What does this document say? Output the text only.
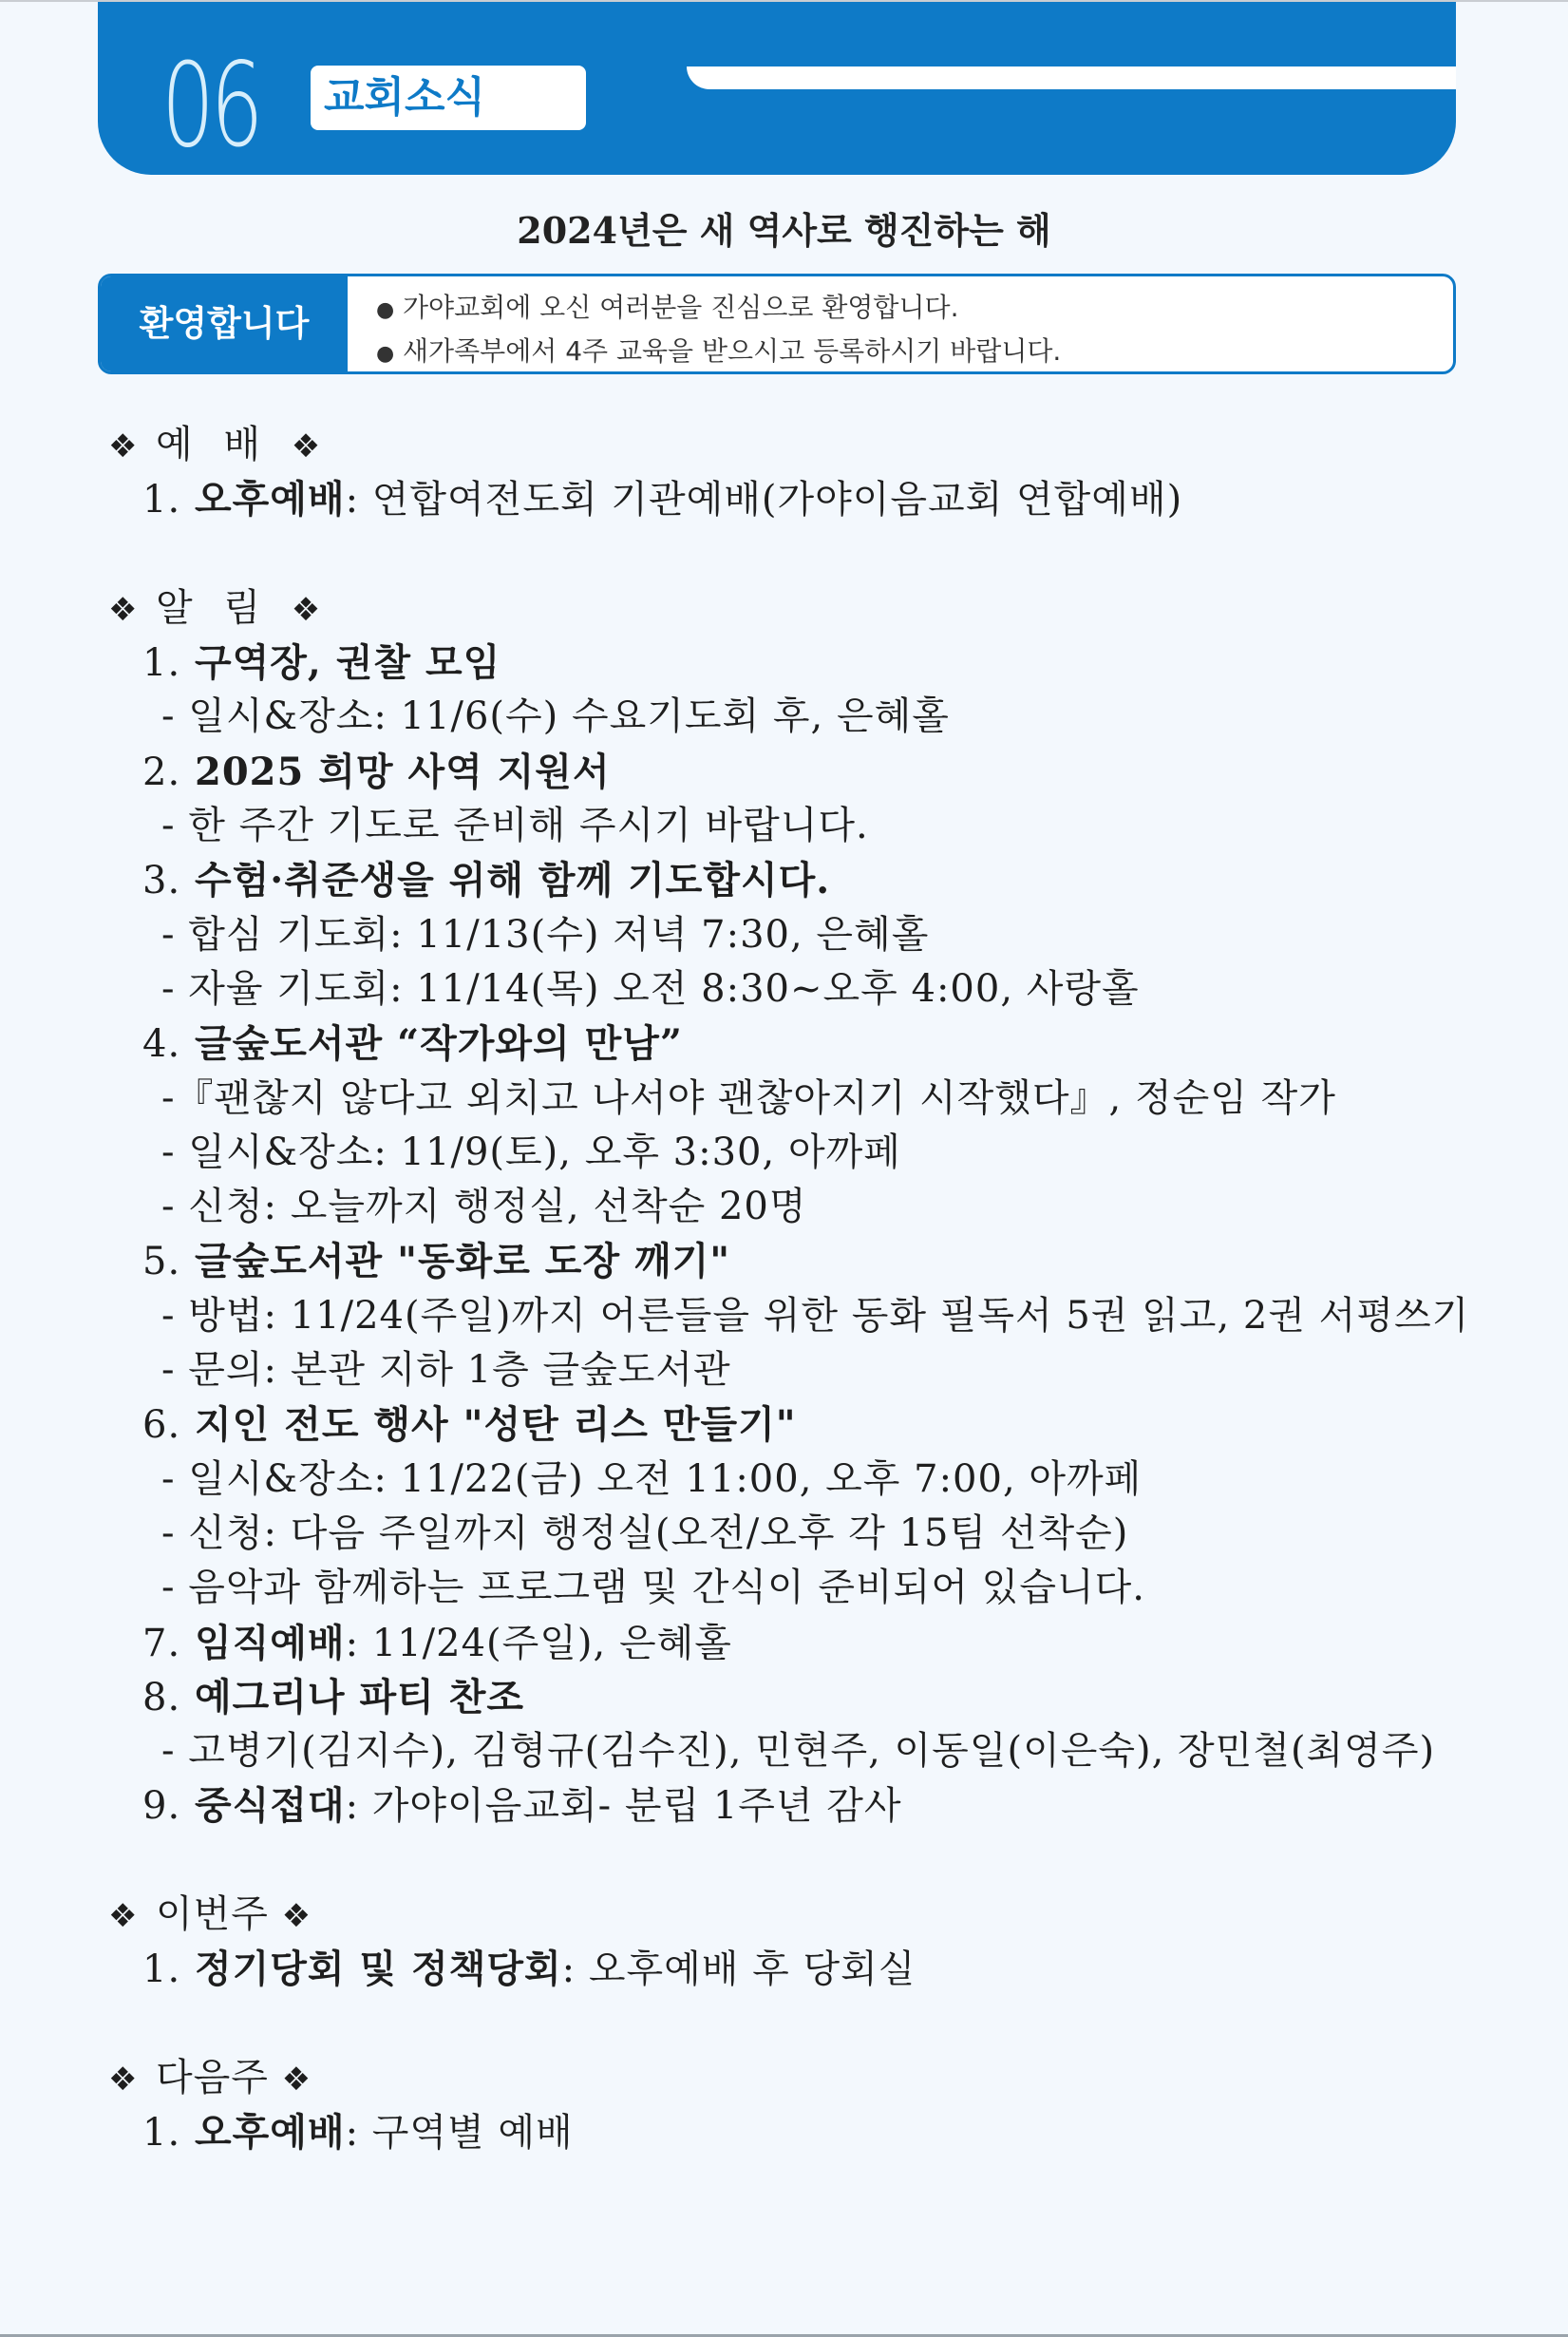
06	교회소식
2024년은 새 역사로 행진하는 해
환영합니다	● 가야교회에 오신 여러분을 진심으로 환영합니다.
● 새가족부에서 4주 교육을 받으시고 등록하시기 바랍니다.
❖ 예 배 ❖
1. 오후예배: 연합여전도회 기관예배(가야이음교회 연합예배)
❖ 알 림 ❖
1. 구역장, 권찰 모임
- 일시&장소: 11/6(수) 수요기도회 후, 은혜홀
2. 2025 희망 사역 지원서
- 한 주간 기도로 준비해 주시기 바랍니다.
3. 수험·취준생을 위해 함께 기도합시다.
- 합심 기도회: 11/13(수) 저녁 7:30, 은혜홀
- 자율 기도회: 11/14(목) 오전 8:30~오후 4:00, 사랑홀
4. 글숲도서관 “작가와의 만남”
-『괜찮지 않다고 외치고 나서야 괜찮아지기 시작했다』, 정순임 작가
- 일시&장소: 11/9(토), 오후 3:30, 아까페
- 신청: 오늘까지 행정실, 선착순 20명
5. 글숲도서관 "동화로 도장 깨기"
- 방법: 11/24(주일)까지 어른들을 위한 동화 필독서 5권 읽고, 2권 서평쓰기
- 문의: 본관 지하 1층 글숲도서관
6. 지인 전도 행사 "성탄 리스 만들기"
- 일시&장소: 11/22(금) 오전 11:00, 오후 7:00, 아까페
- 신청: 다음 주일까지 행정실(오전/오후 각 15팀 선착순)
- 음악과 함께하는 프로그램 및 간식이 준비되어 있습니다.
7. 임직예배: 11/24(주일), 은혜홀
8. 예그리나 파티 찬조
- 고병기(김지수), 김형규(김수진), 민현주, 이동일(이은숙), 장민철(최영주)
9. 중식접대: 가야이음교회- 분립 1주년 감사
❖ 이번주 ❖
1. 정기당회 및 정책당회: 오후예배 후 당회실
❖ 다음주 ❖
1. 오후예배: 구역별 예배
